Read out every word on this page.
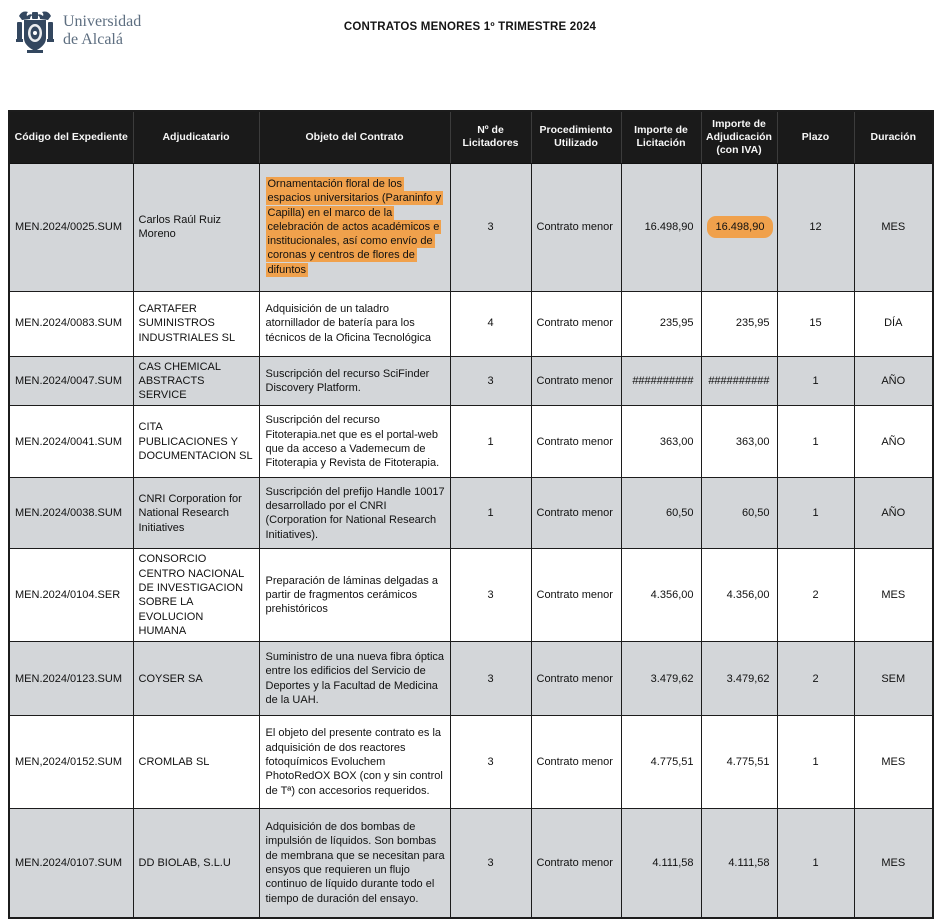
Universidad
de Alcalá
CONTRATOS MENORES 1º TRIMESTRE 2024
Código del Expediente	Adjudicatario	Objeto del Contrato	Nº de Licitadores	Procedimiento Utilizado	Importe de Licitación	Importe de Adjudicación (con IVA)	Plazo	Duración
MEN.2024/0025.SUM	Carlos Raúl Ruiz Moreno	Ornamentación floral de los espacios universitarios (Paraninfo y Capilla) en el marco de la celebración de actos académicos e institucionales, así como envío de coronas y centros de flores de difuntos	3	Contrato menor	16.498,90	16.498,90	12	MES
MEN.2024/0083.SUM	CARTAFER SUMINISTROS INDUSTRIALES SL	Adquisición de un taladro atornillador de batería para los técnicos de la Oficina Tecnológica	4	Contrato menor	235,95	235,95	15	DÍA
MEN.2024/0047.SUM	CAS CHEMICAL ABSTRACTS SERVICE	Suscripción del recurso SciFinder Discovery Platform.	3	Contrato menor	##########	##########	1	AÑO
MEN.2024/0041.SUM	CITA PUBLICACIONES Y DOCUMENTACION SL	Suscripción del recurso Fitoterapia.net que es el portal-web que da acceso a Vademecum de Fitoterapia y Revista de Fitoterapia.	1	Contrato menor	363,00	363,00	1	AÑO
MEN.2024/0038.SUM	CNRI Corporation for National Research Initiatives	Suscripción del prefijo Handle 10017 desarrollado por el CNRI (Corporation for National Research Initiatives).	1	Contrato menor	60,50	60,50	1	AÑO
MEN.2024/0104.SER	CONSORCIO CENTRO NACIONAL DE INVESTIGACION SOBRE LA EVOLUCION HUMANA	Preparación de láminas delgadas a partir de fragmentos cerámicos prehistóricos	3	Contrato menor	4.356,00	4.356,00	2	MES
MEN.2024/0123.SUM	COYSER SA	Suministro de una nueva fibra óptica entre los edificios del Servicio de Deportes y la Facultad de Medicina de la UAH.	3	Contrato menor	3.479,62	3.479,62	2	SEM
MEN,2024/0152.SUM	CROMLAB SL	El objeto del presente contrato es la adquisición de dos reactores fotoquímicos Evoluchem PhotoRedOX BOX (con y sin control de Tª) con accesorios requeridos.	3	Contrato menor	4.775,51	4.775,51	1	MES
MEN.2024/0107.SUM	DD BIOLAB, S.L.U	Adquisición de dos bombas de impulsión de líquidos. Son bombas de membrana que se necesitan para ensyos que requieren un flujo continuo de líquido durante todo el tiempo de duración del ensayo.	3	Contrato menor	4.111,58	4.111,58	1	MES
